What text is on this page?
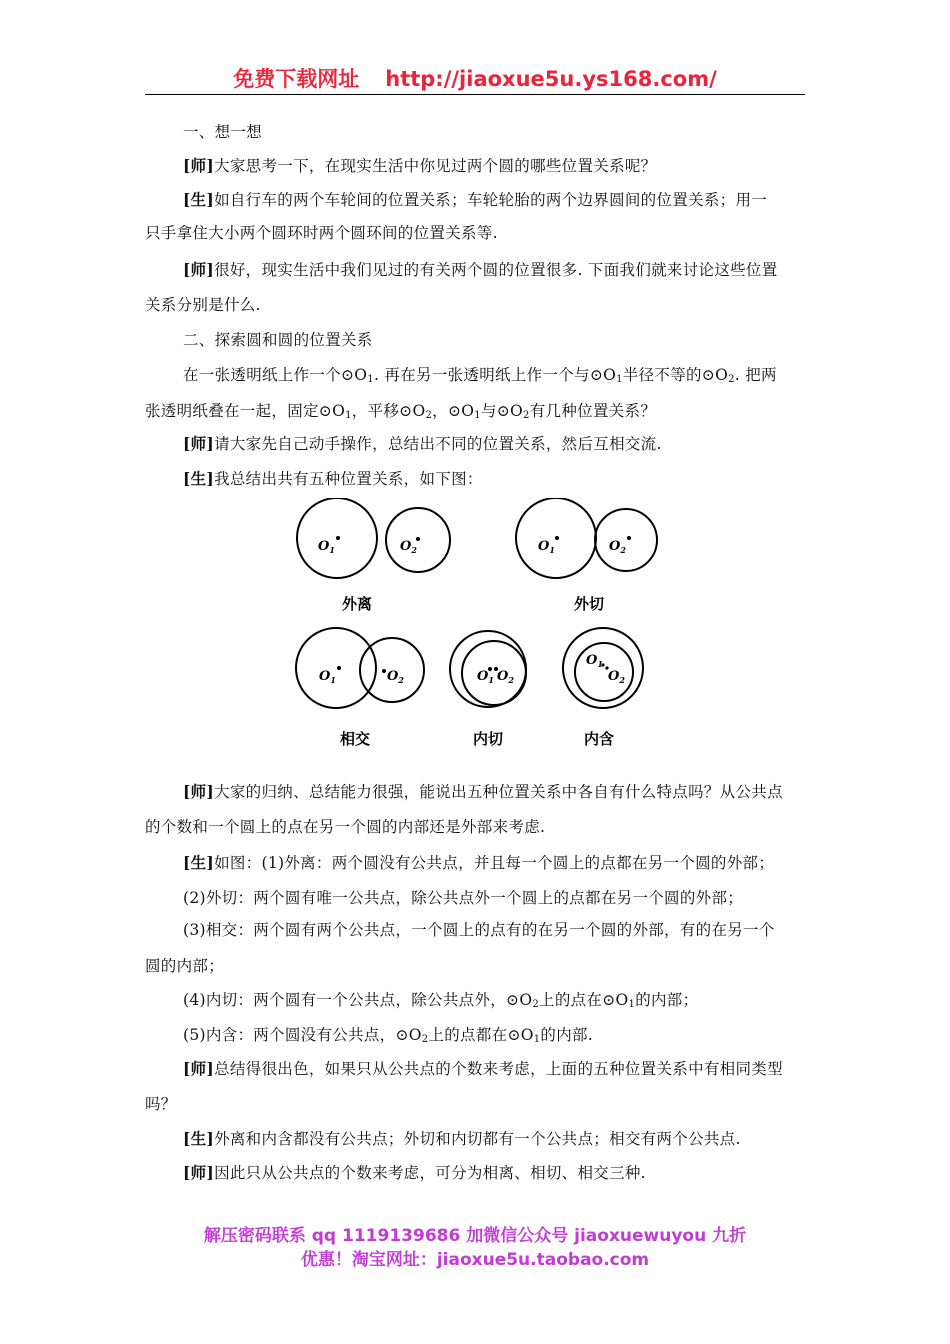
免费下载网址 http://jiaoxue5u.ys168.com/
一、想一想
[师]大家思考一下，在现实生活中你见过两个圆的哪些位置关系呢？
[生]如自行车的两个车轮间的位置关系；车轮轮胎的两个边界圆间的位置关系；用一
只手拿住大小两个圆环时两个圆环间的位置关系等.
[师]很好，现实生活中我们见过的有关两个圆的位置很多. 下面我们就来讨论这些位置
关系分别是什么.
二、探索圆和圆的位置关系
在一张透明纸上作一个$⊙O_1$. 再在另一张透明纸上作一个与$⊙O_1$半径不等的$⊙O_2$. 把两
张透明纸叠在一起，固定$⊙O_1$，平移$⊙O_2$，$⊙O_1$与$⊙O_2$有几种位置关系？
[师]请大家先自己动手操作，总结出不同的位置关系，然后互相交流.
[生]我总结出共有五种位置关系，如下图：
$O_1$	$O_2$	$O_1$	$O_2$
$O_1$	$O_2$	$O_1$ $O_2$
$O_1$
$O_2$
外离	外切
相交	内切	内含
[师]大家的归纳、总结能力很强，能说出五种位置关系中各自有什么特点吗？从公共点
的个数和一个圆上的点在另一个圆的内部还是外部来考虑.
[生]如图：(1)外离：两个圆没有公共点，并且每一个圆上的点都在另一个圆的外部；
(2)外切：两个圆有唯一公共点，除公共点外一个圆上的点都在另一个圆的外部；
(3)相交：两个圆有两个公共点，一个圆上的点有的在另一个圆的外部，有的在另一个
圆的内部；
(4)内切：两个圆有一个公共点，除公共点外，$⊙O_2$上的点在$⊙O_1$的内部；
(5)内含：两个圆没有公共点，$⊙O_2$上的点都在$⊙O_1$的内部.
[师]总结得很出色，如果只从公共点的个数来考虑，上面的五种位置关系中有相同类型
吗？
[生]外离和内含都没有公共点；外切和内切都有一个公共点；相交有两个公共点.
[师]因此只从公共点的个数来考虑，可分为相离、相切、相交三种.
解压密码联系 qq 1119139686 加微信公众号 jiaoxuewuyou 九折
优惠！淘宝网址：jiaoxue5u.taobao.com
